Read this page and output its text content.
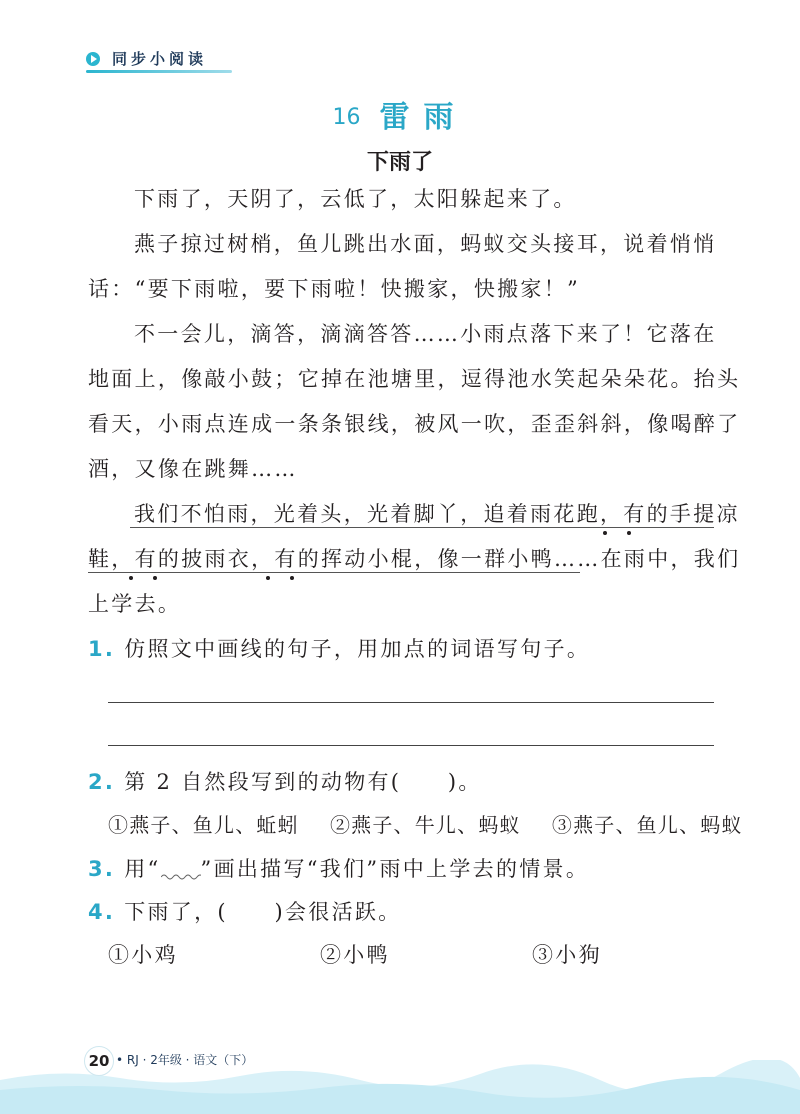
同步小阅读
16 雷雨
下雨了
下雨了，天阴了，云低了，太阳躲起来了。
燕子掠过树梢，鱼儿跳出水面，蚂蚁交头接耳，说着悄悄
话：“要下雨啦，要下雨啦！快搬家，快搬家！”
不一会儿，滴答，滴滴答答……小雨点落下来了！它落在
地面上，像敲小鼓；它掉在池塘里，逗得池水笑起朵朵花。抬头
看天，小雨点连成一条条银线，被风一吹，歪歪斜斜，像喝醉了
酒，又像在跳舞……
我们不怕雨，光着头，光着脚丫，追着雨花跑，有的手提凉
鞋，有的披雨衣，有的挥动小棍，像一群小鸭……在雨中，我们
上学去。
1. 仿照文中画线的句子，用加点的词语写句子。
2. 第 2 自然段写到的动物有(　　)。
①燕子、鱼儿、蚯蚓 ②燕子、牛儿、蚂蚁 ③燕子、鱼儿、蚂蚁
3. 用“ ”画出描写“我们”雨中上学去的情景。
4. 下雨了，(　　)会很活跃。
①小鸡	②小鸭	③小狗
20 • RJ · 2年级 · 语文（下）
